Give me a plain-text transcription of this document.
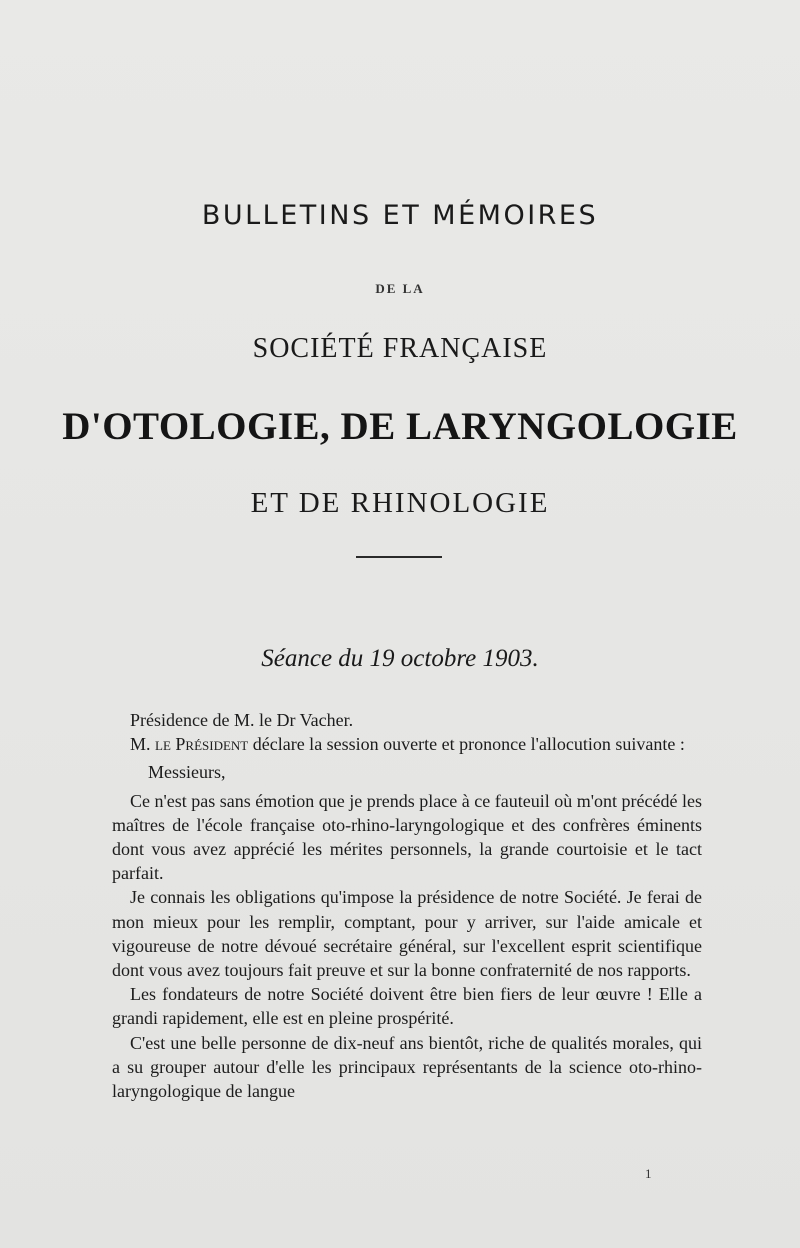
BULLETINS ET MÉMOIRES
DE LA
SOCIÉTÉ FRANÇAISE
D'OTOLOGIE, DE LARYNGOLOGIE
ET DE RHINOLOGIE
Séance du 19 octobre 1903.

Présidence de M. le Dr Vacher.

M. le Président déclare la session ouverte et prononce l'allocution suivante :

Messieurs,

Ce n'est pas sans émotion que je prends place à ce fauteuil où m'ont précédé les maîtres de l'école française oto-rhino-laryngologique et des confrères éminents dont vous avez apprécié les mérites personnels, la grande courtoisie et le tact parfait.

Je connais les obligations qu'impose la présidence de notre Société. Je ferai de mon mieux pour les remplir, comptant, pour y arriver, sur l'aide amicale et vigoureuse de notre dévoué secrétaire général, sur l'excellent esprit scientifique dont vous avez toujours fait preuve et sur la bonne confraternité de nos rapports.

Les fondateurs de notre Société doivent être bien fiers de leur œuvre ! Elle a grandi rapidement, elle est en pleine prospérité.

C'est une belle personne de dix-neuf ans bientôt, riche de qualités morales, qui a su grouper autour d'elle les principaux représentants de la science oto-rhino-laryngologique de langue

1
